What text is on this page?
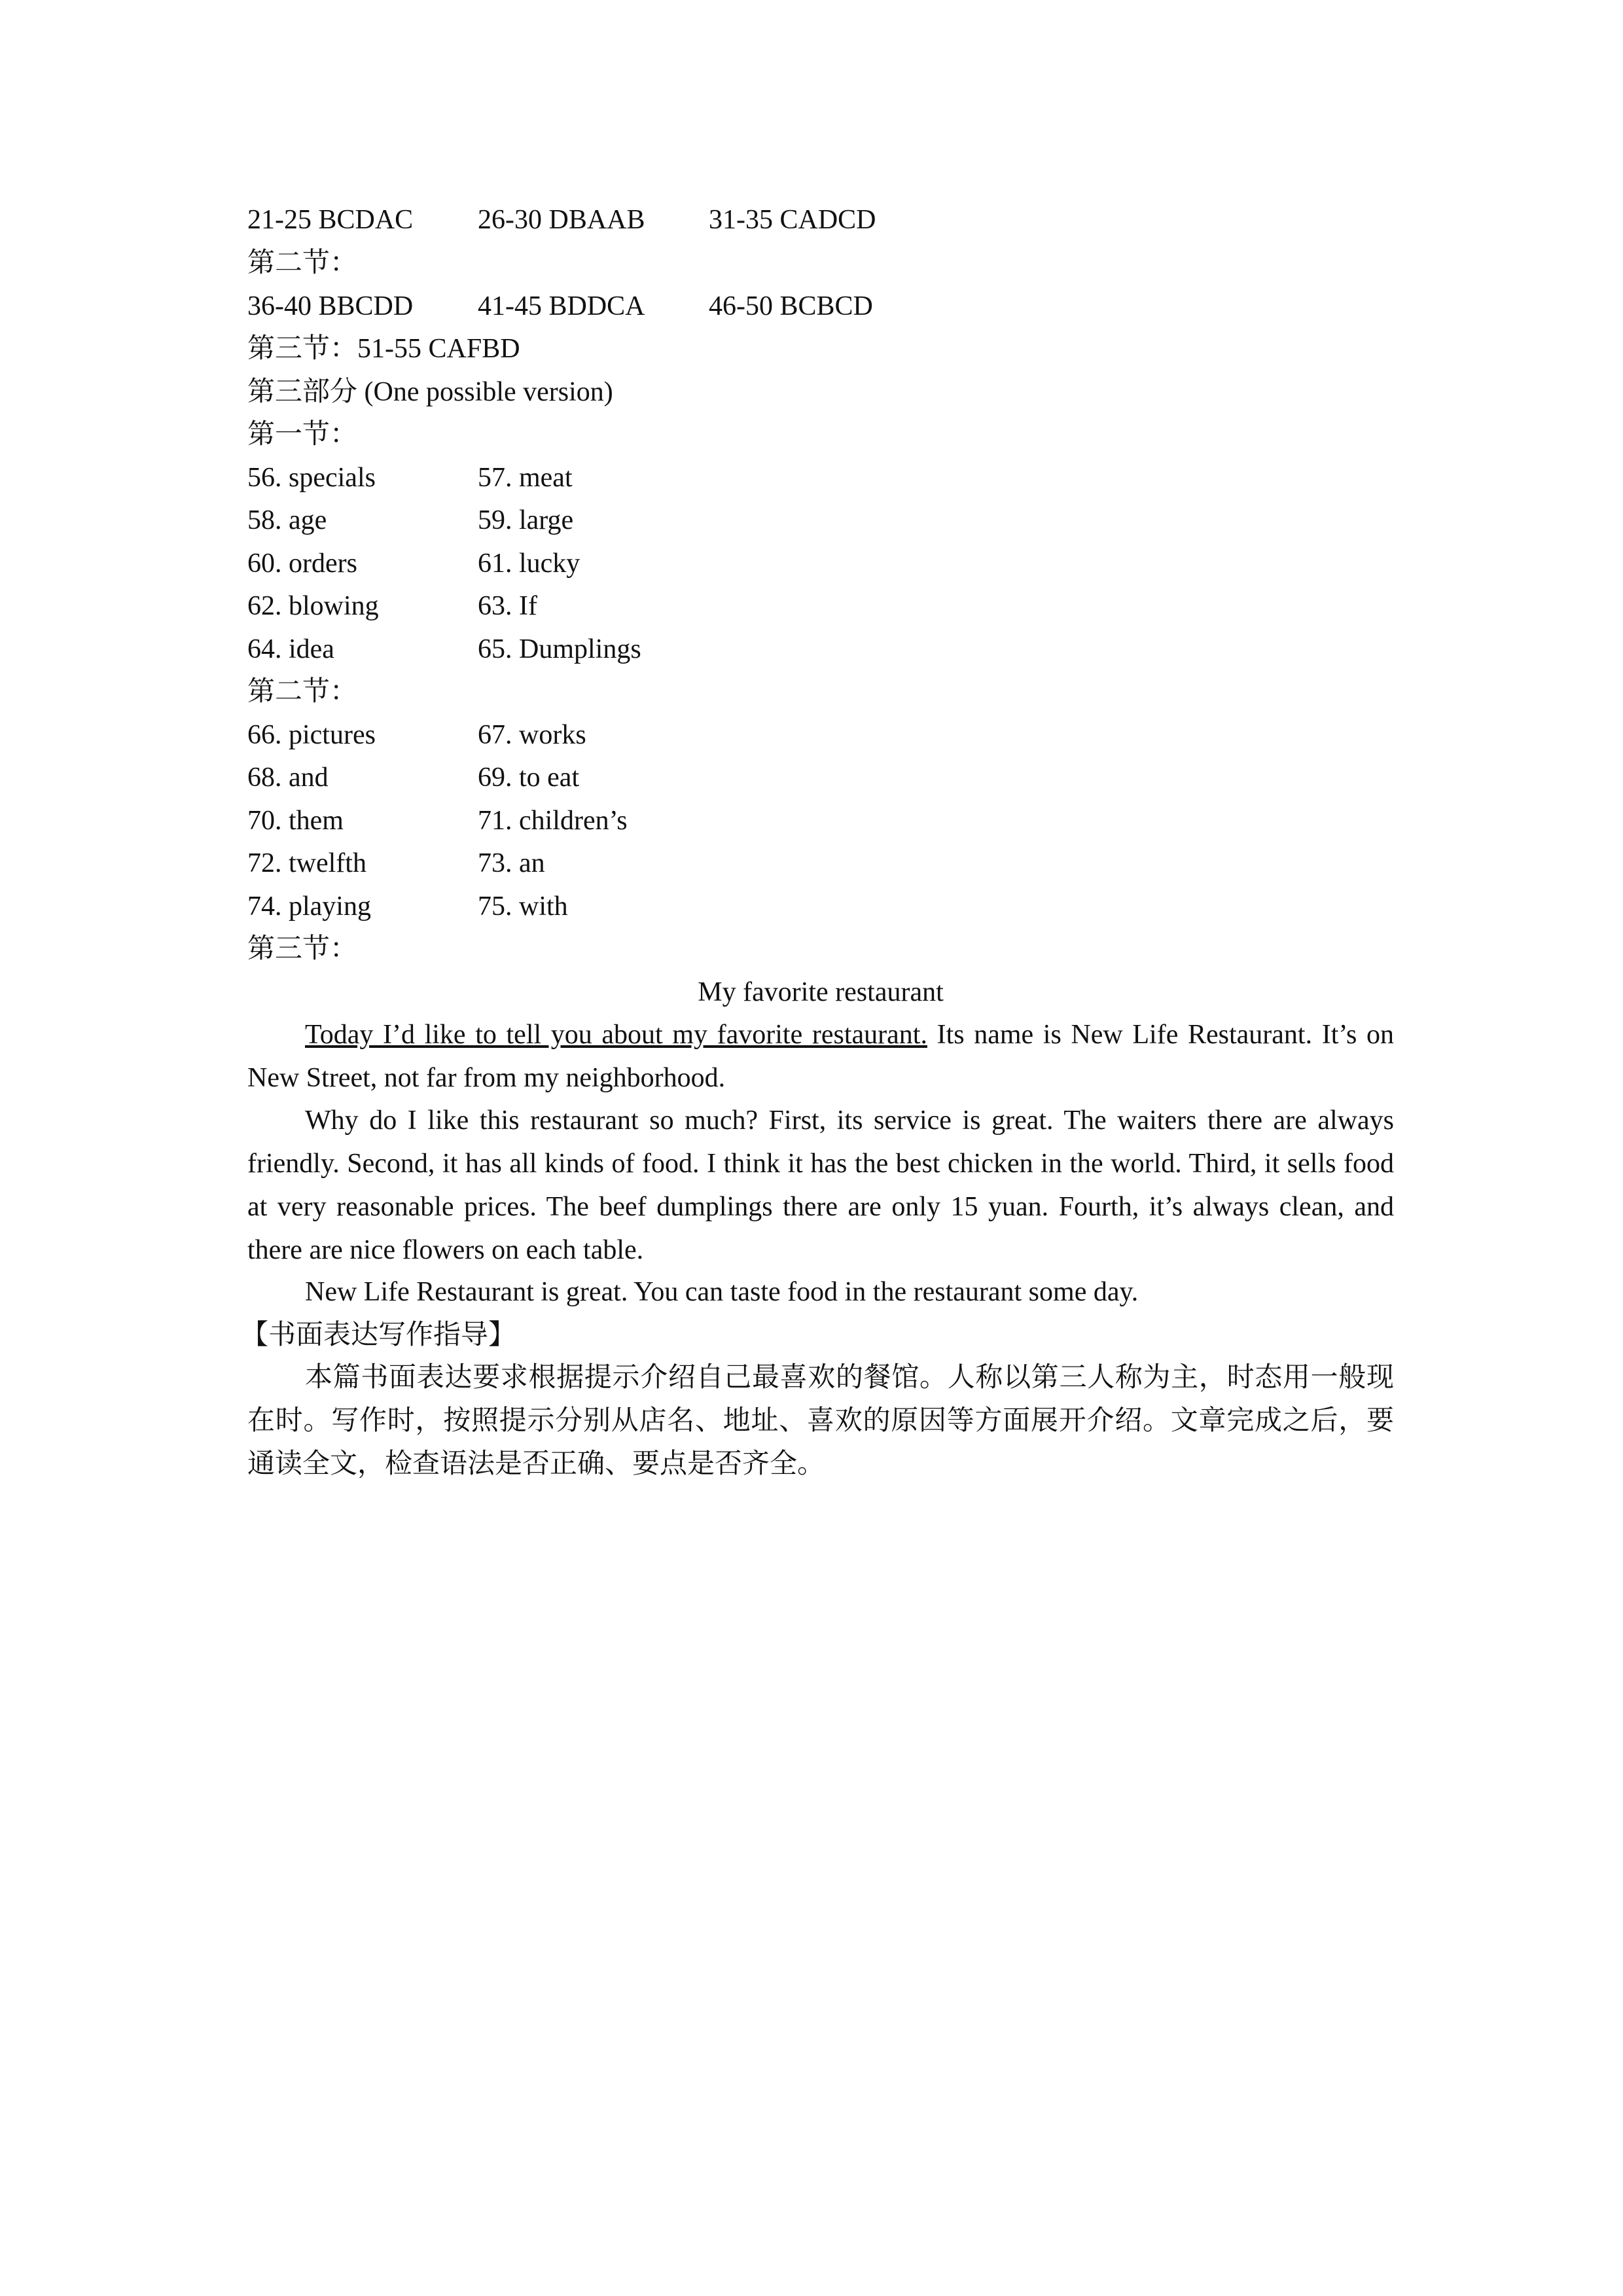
21-25 BCDAC 26-30 DBAAB 31-35 CADCD
第二节：
36-40 BBCDD 41-45 BDDCA 46-50 BCBCD
第三节：51-55 CAFBD
第三部分 (One possible version)
第一节：
56. specials	57. meat
58. age	59. large
60. orders	61. lucky
62. blowing	63. If
64. idea	65. Dumplings
第二节：
66. pictures	67. works
68. and	69. to eat
70. them	71. children’s
72. twelfth	73. an
74. playing	75. with
第三节：
My favorite restaurant
Today I’d like to tell you about my favorite restaurant. Its name is New Life Restaurant. It’s on New Street, not far from my neighborhood.
Why do I like this restaurant so much? First, its service is great. The waiters there are always friendly. Second, it has all kinds of food. I think it has the best chicken in the world. Third, it sells food at very reasonable prices. The beef dumplings there are only 15 yuan. Fourth, it’s always clean, and there are nice flowers on each table.
New Life Restaurant is great. You can taste food in the restaurant some day.
【书面表达写作指导】
本篇书面表达要求根据提示介绍自己最喜欢的餐馆。人称以第三人称为主，时态用一般现在时。写作时，按照提示分别从店名、地址、喜欢的原因等方面展开介绍。文章完成之后，要通读全文，检查语法是否正确、要点是否齐全。
